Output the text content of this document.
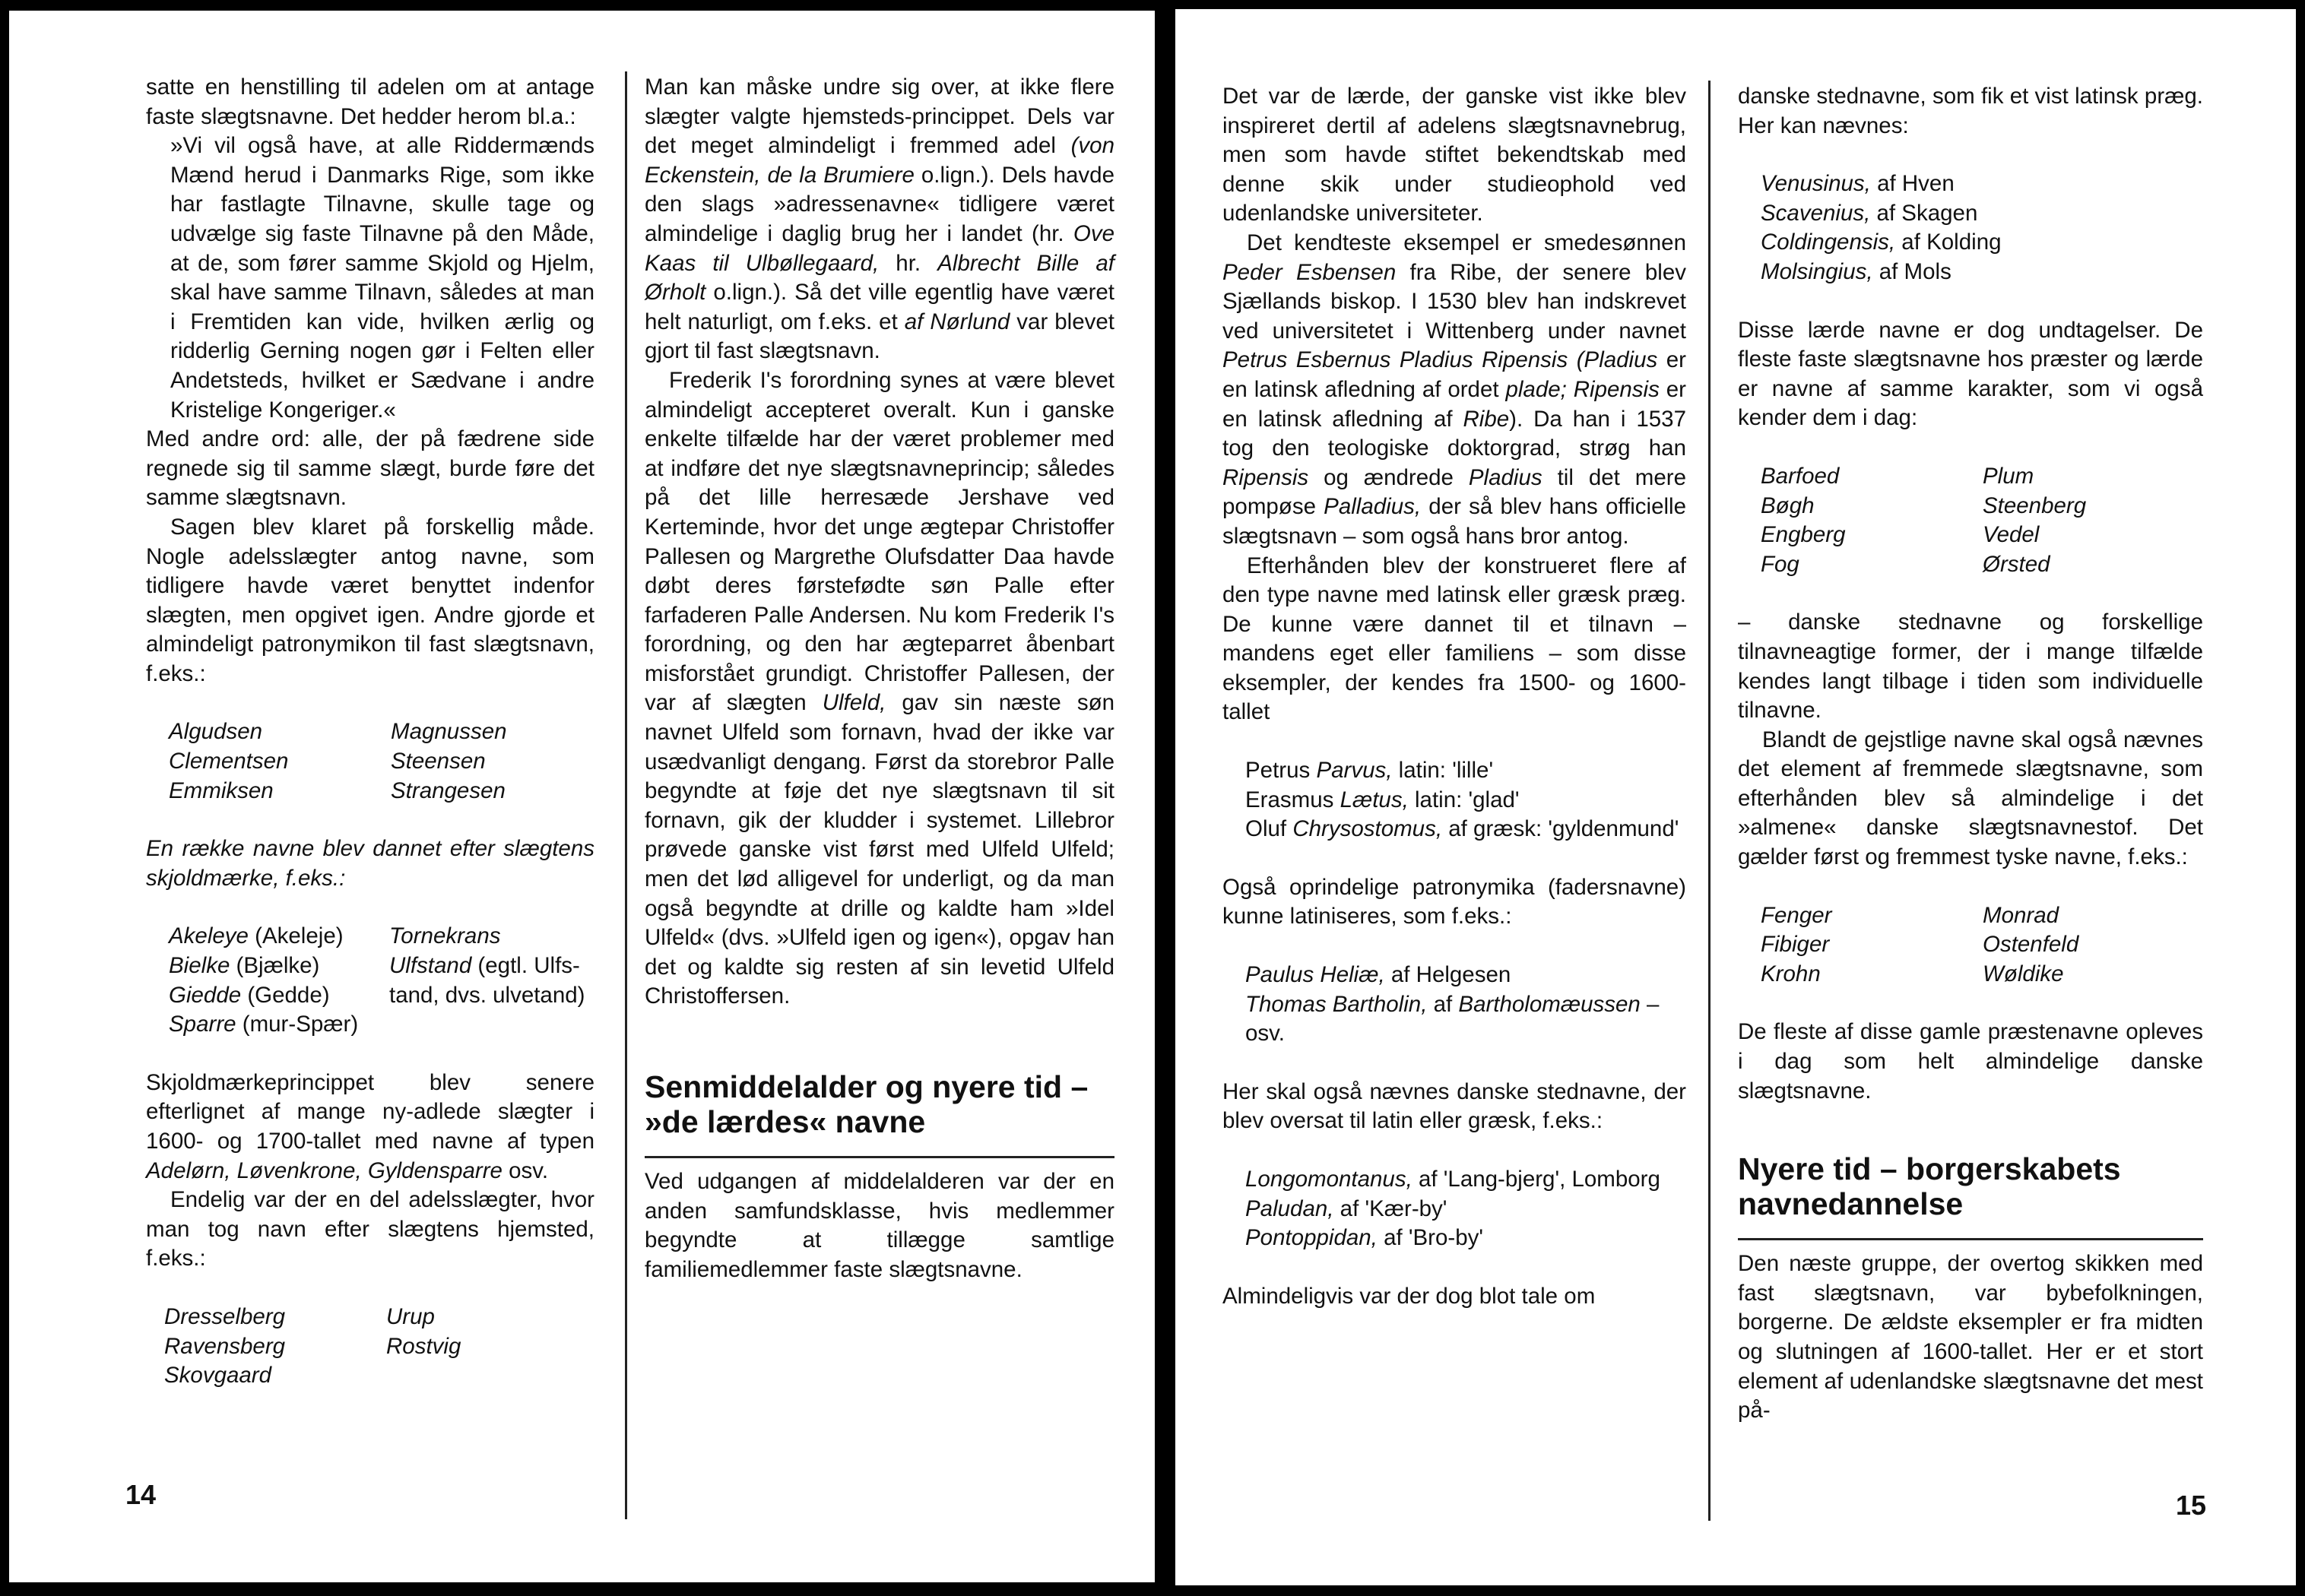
satte en henstilling til adelen om at antage faste slægtsnavne. Det hedder herom bl.a.:

»Vi vil også have, at alle Riddermænds Mænd herud i Danmarks Rige, som ikke har fastlagte Tilnavne, skulle tage og udvælge sig faste Tilnavne på den Måde, at de, som fører samme Skjold og Hjelm, skal have samme Tilnavn, således at man i Fremtiden kan vide, hvilken ærlig og ridderlig Gerning nogen gør i Felten eller Andetsteds, hvilket er Sædvane i andre Kristelige Kongeriger.«

Med andre ord: alle, der på fædrene side regnede sig til samme slægt, burde føre det samme slægtsnavn.

Sagen blev klaret på forskellig måde. Nogle adelsslægter antog navne, som tidligere havde været benyttet indenfor slægten, men opgivet igen. Andre gjorde et almindeligt patronymikon til fast slægtsnavn, f.eks.:

Algudsen	Magnussen
Clementsen	Steensen
Emmiksen	Strangesen

En række navne blev dannet efter slægtens skjoldmærke, f.eks.:

Akeleye (Akeleje)	Tornekrans
Bielke (Bjælke)	Ulfstand (egtl. Ulfs-
Giedde (Gedde)	tand, dvs. ulvetand)
Sparre (mur-Spær)

Skjoldmærkeprincippet blev senere efterlignet af mange ny-adlede slægter i 1600- og 1700-tallet med navne af typen Adelørn, Løvenkrone, Gyldensparre osv.

Endelig var der en del adelsslægter, hvor man tog navn efter slægtens hjemsted, f.eks.:

Dresselberg	Urup
Ravensberg	Rostvig
Skovgaard

Man kan måske undre sig over, at ikke flere slægter valgte hjemsteds-princippet. Dels var det meget almindeligt i fremmed adel (von Eckenstein, de la Brumiere o.lign.). Dels havde den slags »adressenavne« tidligere været almindelige i daglig brug her i landet (hr. Ove Kaas til Ulbøllegaard, hr. Albrecht Bille af Ørholt o.lign.). Så det ville egentlig have været helt naturligt, om f.eks. et af Nørlund var blevet gjort til fast slægtsnavn.

Frederik I's forordning synes at være blevet almindeligt accepteret overalt. Kun i ganske enkelte tilfælde har der været problemer med at indføre det nye slægtsnavneprincip; således på det lille herresæde Jershave ved Kerteminde, hvor det unge ægtepar Christoffer Pallesen og Margrethe Olufsdatter Daa havde døbt deres førstefødte søn Palle efter farfaderen Palle Andersen. Nu kom Frederik I's forordning, og den har ægteparret åbenbart misforstået grundigt. Christoffer Pallesen, der var af slægten Ulfeld, gav sin næste søn navnet Ulfeld som fornavn, hvad der ikke var usædvanligt dengang. Først da storebror Palle begyndte at føje det nye slægtsnavn til sit fornavn, gik der kludder i systemet. Lillebror prøvede ganske vist først med Ulfeld Ulfeld; men det lød alligevel for underligt, og da man også begyndte at drille og kaldte ham »Idel Ulfeld« (dvs. »Ulfeld igen og igen«), opgav han det og kaldte sig resten af sin levetid Ulfeld Christoffersen.

Senmiddelalder og nyere tid – »de lærdes« navne

Ved udgangen af middelalderen var der en anden samfundsklasse, hvis medlemmer begyndte at tillægge samtlige familiemedlemmer faste slægtsnavne.

14

Det var de lærde, der ganske vist ikke blev inspireret dertil af adelens slægtsnavnebrug, men som havde stiftet bekendtskab med denne skik under studieophold ved udenlandske universiteter.

Det kendteste eksempel er smedesønnen Peder Esbensen fra Ribe, der senere blev Sjællands biskop. I 1530 blev han indskrevet ved universitetet i Wittenberg under navnet Petrus Esbernus Pladius Ripensis (Pladius er en latinsk afledning af ordet plade; Ripensis er en latinsk afledning af Ribe). Da han i 1537 tog den teologiske doktorgrad, strøg han Ripensis og ændrede Pladius til det mere pompøse Palladius, der så blev hans officielle slægtsnavn – som også hans bror antog.

Efterhånden blev der konstrueret flere af den type navne med latinsk eller græsk præg. De kunne være dannet til et tilnavn – mandens eget eller familiens – som disse eksempler, der kendes fra 1500- og 1600-tallet

Petrus Parvus, latin: 'lille'
Erasmus Lætus, latin: 'glad'
Oluf Chrysostomus, af græsk: 'gyldenmund'

Også oprindelige patronymika (fadersnavne) kunne latiniseres, som f.eks.:

Paulus Heliæ, af Helgesen
Thomas Bartholin, af Bartholomæussen – osv.

Her skal også nævnes danske stednavne, der blev oversat til latin eller græsk, f.eks.:

Longomontanus, af 'Lang-bjerg', Lomborg
Paludan, af 'Kær-by'
Pontoppidan, af 'Bro-by'

Almindeligvis var der dog blot tale om

danske stednavne, som fik et vist latinsk præg. Her kan nævnes:

Venusinus, af Hven
Scavenius, af Skagen
Coldingensis, af Kolding
Molsingius, af Mols

Disse lærde navne er dog undtagelser. De fleste faste slægtsnavne hos præster og lærde er navne af samme karakter, som vi også kender dem i dag:

Barfoed	Plum
Bøgh	Steenberg
Engberg	Vedel
Fog	Ørsted

– danske stednavne og forskellige tilnavneagtige former, der i mange tilfælde kendes langt tilbage i tiden som individuelle tilnavne.

Blandt de gejstlige navne skal også nævnes det element af fremmede slægtsnavne, som efterhånden blev så almindelige i det »almene« danske slægtsnavnestof. Det gælder først og fremmest tyske navne, f.eks.:

Fenger	Monrad
Fibiger	Ostenfeld
Krohn	Wøldike

De fleste af disse gamle præstenavne opleves i dag som helt almindelige danske slægtsnavne.

Nyere tid – borgerskabets navnedannelse

Den næste gruppe, der overtog skikken med fast slægtsnavn, var bybefolkningen, borgerne. De ældste eksempler er fra midten og slutningen af 1600-tallet. Her er et stort element af udenlandske slægtsnavne det mest på-

15
